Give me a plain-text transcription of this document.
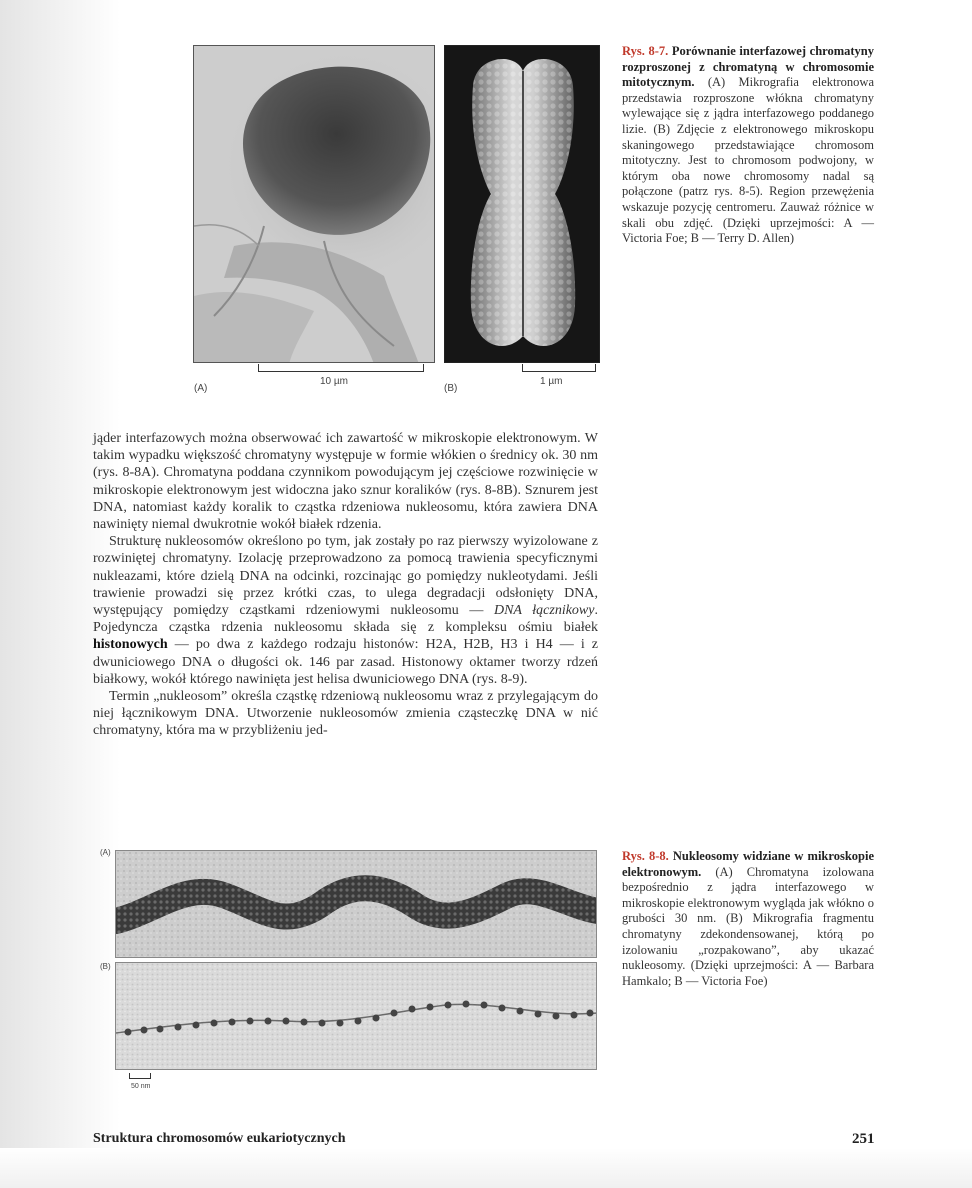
10 µm	1 µm
(A)	(B)
Rys. 8-7. Porównanie interfazowej chromatyny rozproszonej z chromatyną w chromosomie mitotycznym. (A) Mikrografia elektronowa przedstawia rozproszone włókna chromatyny wylewające się z jądra interfazowego poddanego lizie. (B) Zdjęcie z elektronowego mikroskopu skaningowego przedstawiające chromosom mitotyczny. Jest to chromosom podwojony, w którym oba nowe chromosomy nadal są połączone (patrz rys. 8-5). Region przewężenia wskazuje pozycję centromeru. Zauważ różnice w skali obu zdjęć. (Dzięki uprzejmości: A — Victoria Foe; B — Terry D. Allen)

jąder interfazowych można obserwować ich zawartość w mikroskopie elektronowym. W takim wypadku większość chromatyny występuje w formie włókien o średnicy ok. 30 nm (rys. 8-8A). Chromatyna poddana czynnikom powodującym jej częściowe rozwinięcie w mikroskopie elektronowym jest widoczna jako sznur koralików (rys. 8-8B). Sznurem jest DNA, natomiast każdy koralik to cząstka rdzeniowa nukleosomu, która zawiera DNA nawinięty niemal dwukrotnie wokół białek rdzenia.

Strukturę nukleosomów określono po tym, jak zostały po raz pierwszy wyizolowane z rozwiniętej chromatyny. Izolację przeprowadzono za pomocą trawienia specyficznymi nukleazami, które dzielą DNA na odcinki, rozcinając go pomiędzy nukleotydami. Jeśli trawienie prowadzi się przez krótki czas, to ulega degradacji odsłonięty DNA, występujący pomiędzy cząstkami rdzeniowymi nukleosomu — DNA łącznikowy. Pojedyncza cząstka rdzenia nukleosomu składa się z kompleksu ośmiu białek histonowych — po dwa z każdego rodzaju histonów: H2A, H2B, H3 i H4 — i z dwuniciowego DNA o długości ok. 146 par zasad. Histonowy oktamer tworzy rdzeń białkowy, wokół którego nawinięta jest helisa dwuniciowego DNA (rys. 8-9).

Termin „nukleosom” określa cząstkę rdzeniową nukleosomu wraz z przylegającym do niej łącznikowym DNA. Utworzenie nukleosomów zmienia cząsteczkę DNA w nić chromatyny, która ma w przybliżeniu jed-

(A)
(B)
50 nm
Rys. 8-8. Nukleosomy widziane w mikroskopie elektronowym. (A) Chromatyna izolowana bezpośrednio z jądra interfazowego w mikroskopie elektronowym wygląda jak włókno o grubości 30 nm. (B) Mikrografia fragmentu chromatyny zdekondensowanej, którą po izolowaniu „rozpakowano”, aby ukazać nukleosomy. (Dzięki uprzejmości: A — Barbara Hamkalo; B — Victoria Foe)
Struktura chromosomów eukariotycznych	251
